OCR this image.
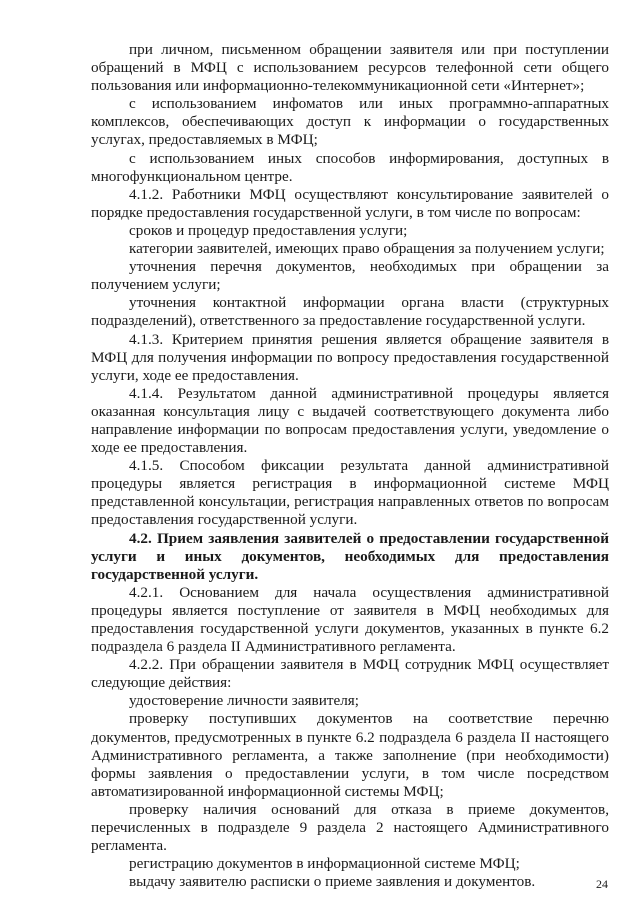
при личном, письменном обращении заявителя или при поступлении обращений в МФЦ с использованием ресурсов телефонной сети общего пользования или информационно-телекоммуникационной сети «Интернет»;

с использованием инфоматов или иных программно-аппаратных комплексов, обеспечивающих доступ к информации о государственных услугах, предоставляемых в МФЦ;

с использованием иных способов информирования, доступных в многофункциональном центре.

4.1.2. Работники МФЦ осуществляют консультирование заявителей о порядке предоставления государственной услуги, в том числе по вопросам:

сроков и процедур предоставления услуги;

категории заявителей, имеющих право обращения за получением услуги;

уточнения перечня документов, необходимых при обращении за получением услуги;

уточнения контактной информации органа власти (структурных подразделений), ответственного за предоставление государственной услуги.

4.1.3. Критерием принятия решения является обращение заявителя в МФЦ для получения информации по вопросу предоставления государственной услуги, ходе ее предоставления.

4.1.4. Результатом данной административной процедуры является оказанная консультация лицу с выдачей соответствующего документа либо направление информации по вопросам предоставления услуги, уведомление о ходе ее предоставления.

4.1.5. Способом фиксации результата данной административной процедуры является регистрация в информационной системе МФЦ представленной консультации, регистрация направленных ответов по вопросам предоставления государственной услуги.

4.2. Прием заявления заявителей о предоставлении государственной услуги и иных документов, необходимых для предоставления государственной услуги.

4.2.1. Основанием для начала осуществления административной процедуры является поступление от заявителя в МФЦ необходимых для предоставления государственной услуги документов, указанных в пункте 6.2 подраздела 6 раздела II Административного регламента.

4.2.2. При обращении заявителя в МФЦ сотрудник МФЦ осуществляет следующие действия:

удостоверение личности заявителя;

проверку поступивших документов на соответствие перечню документов, предусмотренных в пункте 6.2 подраздела 6 раздела II настоящего Административного регламента, а также заполнение (при необходимости) формы заявления о предоставлении услуги, в том числе посредством автоматизированной информационной системы МФЦ;

проверку наличия оснований для отказа в приеме документов, перечисленных в подразделе 9 раздела 2 настоящего Административного регламента.

регистрацию документов в информационной системе МФЦ;

выдачу заявителю расписки о приеме заявления и документов.	24
